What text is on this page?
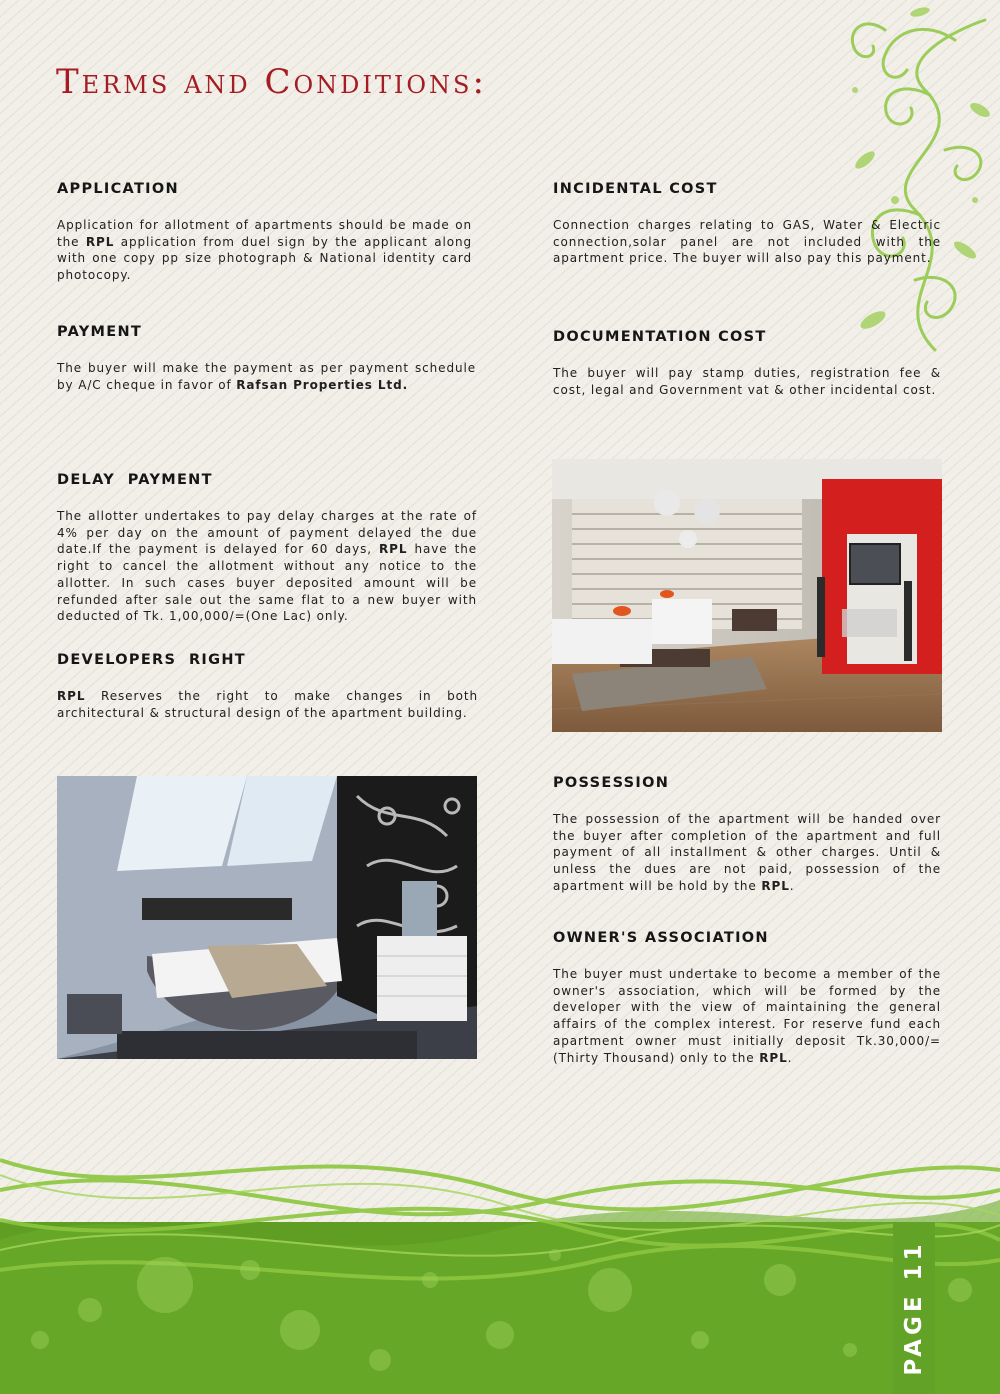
Terms and Conditions:
APPLICATION

Application for allotment of apartments should be made on the RPL application from duel sign by the applicant along with one copy pp size photograph & National identity card photocopy.

PAYMENT

The buyer will make the payment as per payment schedule by A/C cheque in favor of Rafsan Properties Ltd.

DELAY  PAYMENT

The allotter undertakes to pay delay charges at the rate of 4% per day on the amount of payment delayed the due date.If the payment is delayed for 60 days, RPL have the right to cancel the allotment without any notice to the allotter. In such cases buyer deposited amount will be refunded after sale out the same flat to a new buyer with deducted of Tk. 1,00,000/=(One Lac) only.

DEVELOPERS  RIGHT

RPL Reserves the right to make changes in both architectural & structural design of the apartment building.

INCIDENTAL COST

Connection charges relating to GAS, Water & Electric connection,solar panel are not included with the apartment price. The buyer will also pay this payment.

DOCUMENTATION COST

The buyer will pay stamp duties, registration fee & cost, legal and Government vat & other incidental cost.

POSSESSION

The possession of the apartment will be handed over the buyer after completion of the apartment and full payment of all installment & other charges. Until & unless the dues are not paid, possession of the apartment will be hold by the RPL.

OWNER'S ASSOCIATION

The buyer must undertake to become a member of the owner's association, which will be formed by the developer with the view of maintaining the general affairs of the complex interest. For reserve fund each apartment owner must initially deposit Tk.30,000/= (Thirty Thousand) only to the RPL.

PAGE 11
